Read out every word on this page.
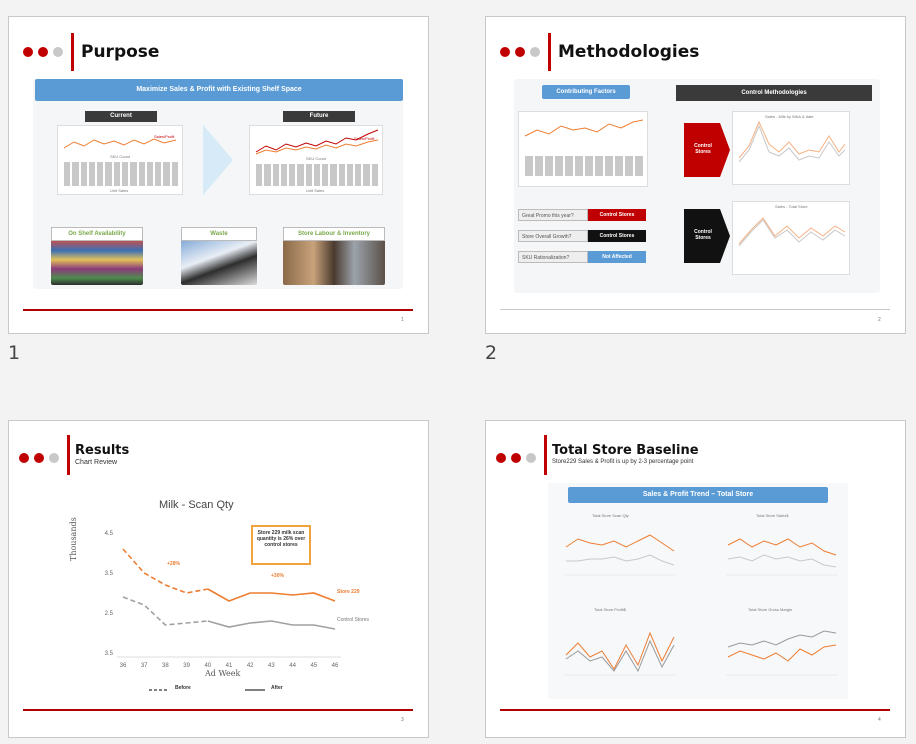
Purpose
Maximize Sales & Profit with Existing Shelf Space
Current
Sales/Profit
SKU Count
Unit Sales
Future
Sales/Profit
SKU Count
Unit Sales
On Shelf Availability	Waste	Store Labour & Inventory
1
1
Methodologies
Contributing Factors	Control Methodologies
Great Promo this year?	Control Stores
Store Overall Growth?	Control Stores
SKU Rationalization?	Not Affected
Control Stores
Sales - Milk by WAA & date
Control Stores
Sales - Total Store
2
2
Results
Chart Review
Milk - Scan Qty
Thousands	4.5
3.5
2.5
3.5
36 37 38 39 40 41 42 43 44 45 46
Ad Week
Store 229 milk scan quantity is 26% over control stores
+28%
+30%
Store 229
Control Stores
Before	After
3
Total Store Baseline
Store229 Sales & Profit is up by 2-3 percentage point
Sales & Profit Trend – Total Store
Total Store Scan Qty	Total Store Sales$
Total Store Profit$	Total Store Gross Margin
4
